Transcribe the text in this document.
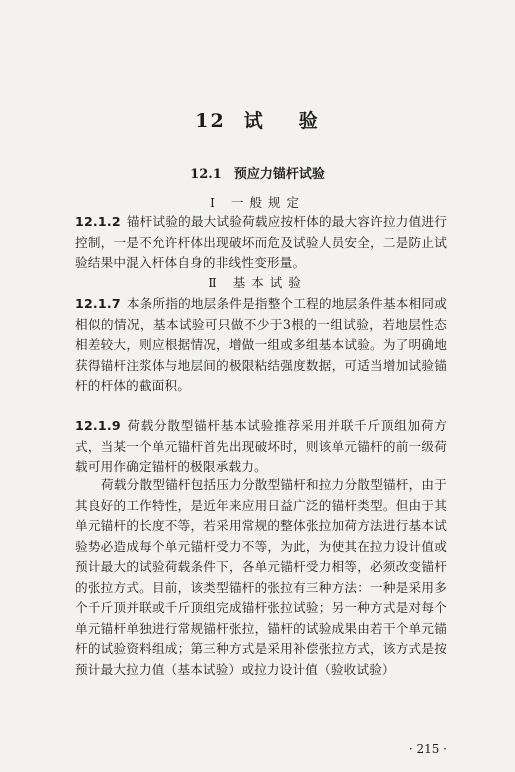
12 试 验
12.1 预应力锚杆试验
Ⅰ 一般规定
12.1.2 锚杆试验的最大试验荷载应按杆体的最大容许拉力值进行控制，一是不允许杆体出现破坏而危及试验人员安全，二是防止试验结果中混入杆体自身的非线性变形量。
Ⅱ 基本试验
12.1.7 本条所指的地层条件是指整个工程的地层条件基本相同或相似的情况，基本试验可只做不少于3根的一组试验，若地层性态相差较大，则应根据情况，增做一组或多组基本试验。为了明确地获得锚杆注浆体与地层间的极限粘结强度数据，可适当增加试验锚杆的杆体的截面积。
12.1.9 荷载分散型锚杆基本试验推荐采用并联千斤顶组加荷方式，当某一个单元锚杆首先出现破坏时，则该单元锚杆的前一级荷载可用作确定锚杆的极限承载力。
荷载分散型锚杆包括压力分散型锚杆和拉力分散型锚杆，由于其良好的工作特性，是近年来应用日益广泛的锚杆类型。但由于其单元锚杆的长度不等，若采用常规的整体张拉加荷方法进行基本试验势必造成每个单元锚杆受力不等，为此，为使其在拉力设计值或预计最大的试验荷载条件下，各单元锚杆受力相等，必须改变锚杆的张拉方式。目前，该类型锚杆的张拉有三种方法：一种是采用多个千斤顶并联或千斤顶组完成锚杆张拉试验；另一种方式是对每个单元锚杆单独进行常规锚杆张拉，锚杆的试验成果由若干个单元锚杆的试验资料组成；第三种方式是采用补偿张拉方式，该方式是按预计最大拉力值（基本试验）或拉力设计值（验收试验）
· 215 ·
